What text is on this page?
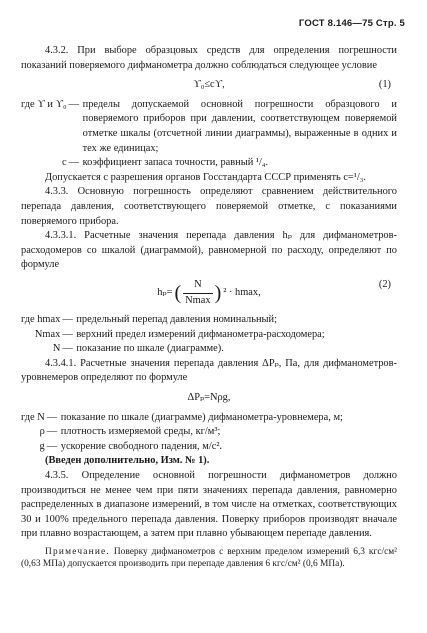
ГОСТ 8.146—75 Стр. 5

4.3.2. При выборе образцовых средств для определения погрешности показаний поверяемого дифманометра должно соблюдаться следующее условие

ϒ₀≤cϒ,	(1)
где ϒ и ϒ₀ — пределы допускаемой основной погрешности образцового и поверяемого приборов при давлении, соответствующем поверяемой отметке шкалы (отсчетной линии диаграммы), выраженные в одних и тех же единицах;
c — коэффициент запаса точности, равный ¹/₄.

Допускается с разрешения органов Госстандарта СССР применять c=¹/₃.

4.3.3. Основную погрешность определяют сравнением действительного перепада давления, соответствующего поверяемой отметке, с показаниями поверяемого прибора.

4.3.3.1. Расчетные значения перепада давления hₚ для дифманометров-расходомеров со шкалой (диаграммой), равномерной по расходу, определяют по формуле

hₚ= ( $\frac{N}{Nmax}$ ) ² · hmax,
(2)
где hmax — предельный перепад давления номинальный;
Nmax — верхний предел измерений дифманометра-расходомера;
N — показание по шкале (диаграмме).

4.3.4.1. Расчетные значения перепада давления ΔPₚ, Па, для дифманометров-уровнемеров определяют по формуле

ΔPₚ=Nρg,
где N — показание по шкале (диаграмме) дифманометра-уровнемера, м;
ρ — плотность измеряемой среды, кг/м³;
g — ускорение свободного падения, м/с².

(Введен дополнительно, Изм. № 1).

4.3.5. Определение основной погрешности дифманометров должно производиться не менее чем при пяти значениях перепада давления, равномерно распределенных в диапазоне измерений, в том числе на отметках, соответствующих 30 и 100% предельного перепада давления. Поверку приборов производят вначале при плавно возрастающем, а затем при плавно убывающем перепаде давления.

Примечание. Поверку дифманометров с верхним пределом измерений 6,3 кгс/см² (0,63 МПа) допускается производить при перепаде давления 6 кгс/см² (0,6 МПа).
